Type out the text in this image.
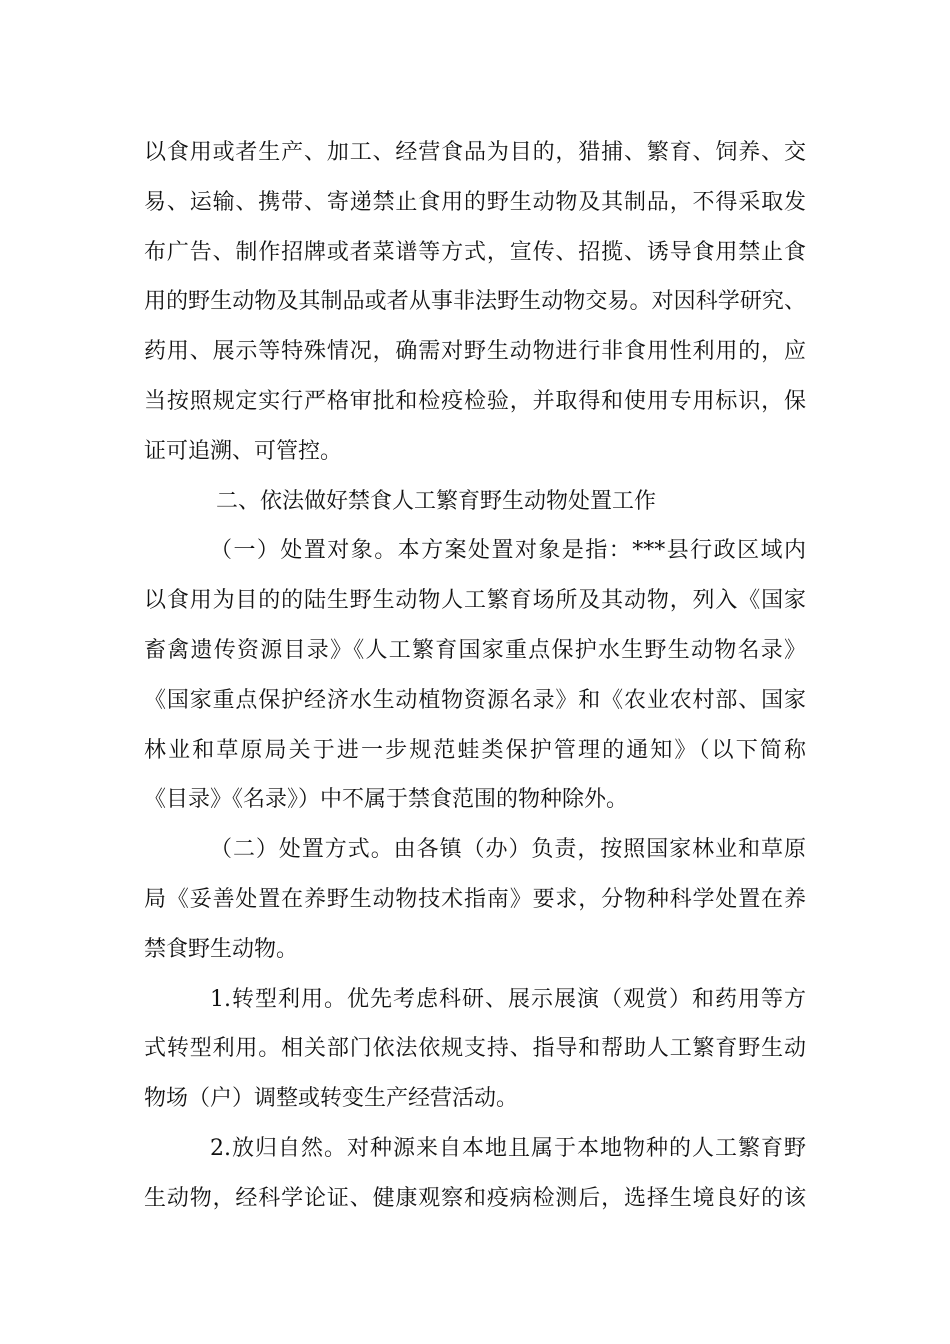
以食用或者生产、加工、经营食品为目的，猎捕、繁育、饲养、交
易、运输、携带、寄递禁止食用的野生动物及其制品，不得采取发
布广告、制作招牌或者菜谱等方式，宣传、招揽、诱导食用禁止食
用的野生动物及其制品或者从事非法野生动物交易。对因科学研究、
药用、展示等特殊情况，确需对野生动物进行非食用性利用的，应
当按照规定实行严格审批和检疫检验，并取得和使用专用标识，保
证可追溯、可管控。
二、依法做好禁食人工繁育野生动物处置工作
（一）处置对象。本方案处置对象是指：***县行政区域内
以食用为目的的陆生野生动物人工繁育场所及其动物，列入《国家
畜禽遗传资源目录》《人工繁育国家重点保护水生野生动物名录》
《国家重点保护经济水生动植物资源名录》和《农业农村部、国家
林业和草原局关于进一步规范蛙类保护管理的通知》（以下简称
《目录》《名录》）中不属于禁食范围的物种除外。
（二）处置方式。由各镇（办）负责，按照国家林业和草原
局《妥善处置在养野生动物技术指南》要求，分物种科学处置在养
禁食野生动物。
1.转型利用。优先考虑科研、展示展演（观赏）和药用等方
式转型利用。相关部门依法依规支持、指导和帮助人工繁育野生动
物场（户）调整或转变生产经营活动。
2.放归自然。对种源来自本地且属于本地物种的人工繁育野
生动物，经科学论证、健康观察和疫病检测后，选择生境良好的该
